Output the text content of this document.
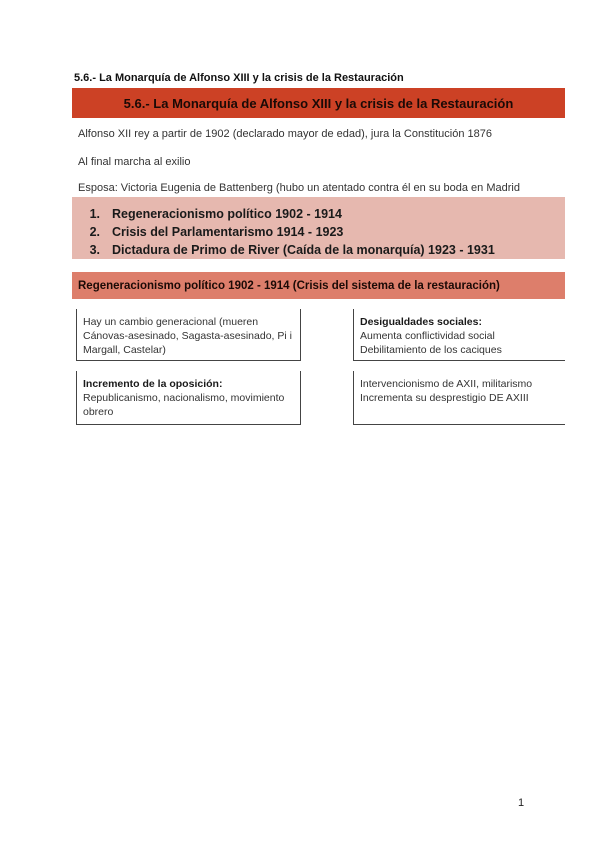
5.6.- La Monarquía de Alfonso XIII y la crisis de la Restauración
5.6.- La Monarquía de Alfonso XIII y la crisis de la Restauración
Alfonso XII rey a partir de 1902 (declarado mayor de edad), jura la Constitución 1876
Al final marcha al exilio
Esposa: Victoria Eugenia de Battenberg (hubo un atentado contra él en su boda en Madrid
1. Regeneracionismo político 1902 - 1914
2. Crisis del Parlamentarismo 1914 - 1923
3. Dictadura de Primo de River (Caída de la monarquía) 1923 - 1931
Regeneracionismo político 1902 - 1914 (Crisis del sistema de la restauración)
Hay un cambio generacional (mueren Cánovas-asesinado, Sagasta-asesinado, Pi i Margall, Castelar)
Desigualdades sociales:
Aumenta conflictividad social
Debilitamiento de los caciques
Incremento de la oposición:
Republicanismo, nacionalismo, movimiento obrero
Intervencionismo de AXII, militarismo
Incrementa su desprestigio DE AXIII
1
